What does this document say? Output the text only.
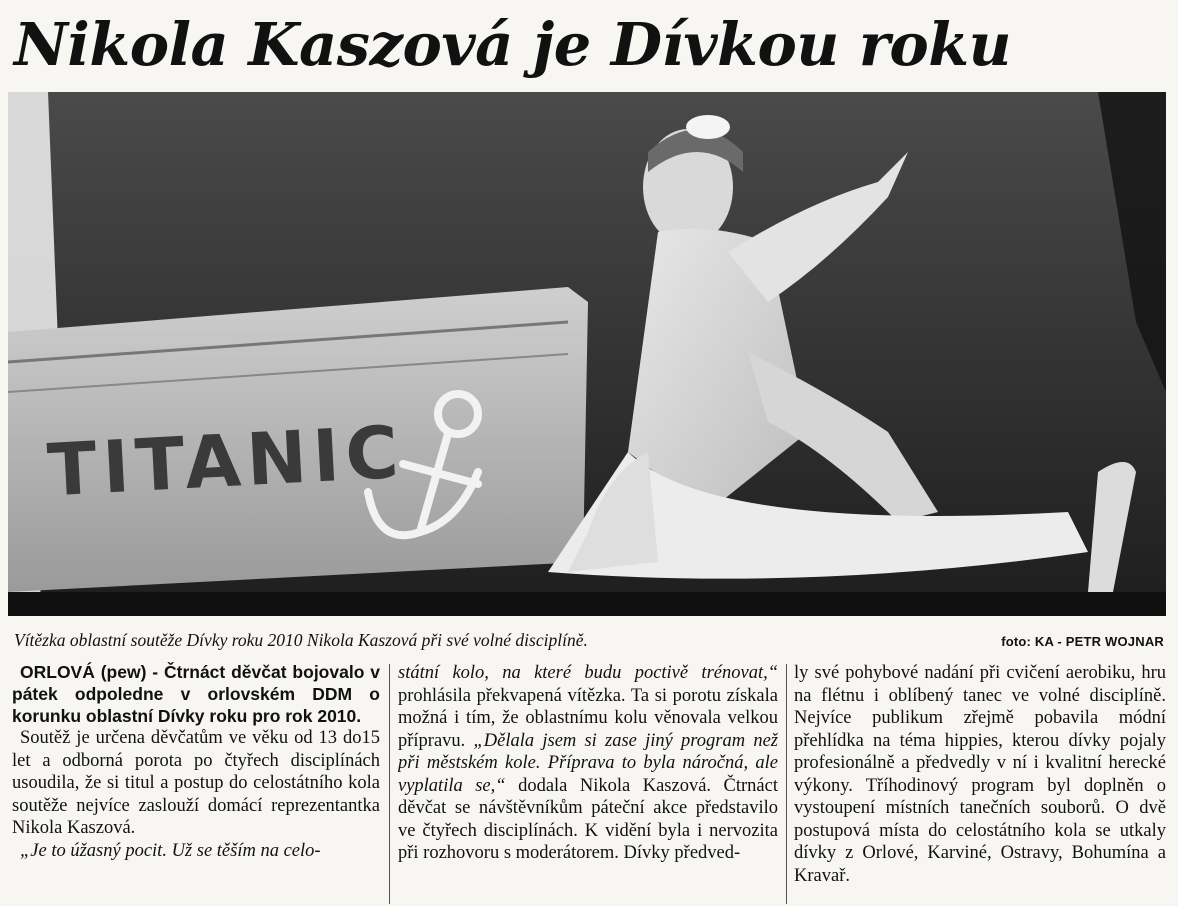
Nikola Kaszová je Dívkou roku
TITANIC
Vítězka oblastní soutěže Dívky roku 2010 Nikola Kaszová při své volné disciplíně.	foto: KA - PETR WOJNAR

ORLOVÁ (pew) - Čtrnáct děvčat bojovalo v pátek odpoledne v orlovském DDM o korunku oblastní Dívky roku pro rok 2010.

Soutěž je určena děvčatům ve věku od 13 do15 let a odborná porota po čtyřech disciplínách usoudila, že si titul a postup do celostátního kola soutěže nejvíce zaslouží domácí reprezentantka Nikola Kaszová.

„Je to úžasný pocit. Už se těším na celo-

státní kolo, na které budu poctivě trénovat,“ prohlásila překvapená vítězka. Ta si porotu získala možná i tím, že oblastnímu kolu věnovala velkou přípravu. „Dělala jsem si zase jiný program než při městském kole. Příprava to byla náročná, ale vyplatila se,“ dodala Nikola Kaszová. Čtrnáct děvčat se návštěvníkům páteční akce představilo ve čtyřech disciplínách. K vidění byla i nervozita při rozhovoru s moderátorem. Dívky předved-

ly své pohybové nadání při cvičení aerobiku, hru na flétnu i oblíbený tanec ve volné disciplíně. Nejvíce publikum zřejmě pobavila módní přehlídka na téma hippies, kterou dívky pojaly profesionálně a předvedly v ní i kvalitní herecké výkony. Tříhodinový program byl doplněn o vystoupení místních tanečních souborů. O dvě postupová místa do celostátního kola se utkaly dívky z Orlové, Karviné, Ostravy, Bohumína a Kravař.
